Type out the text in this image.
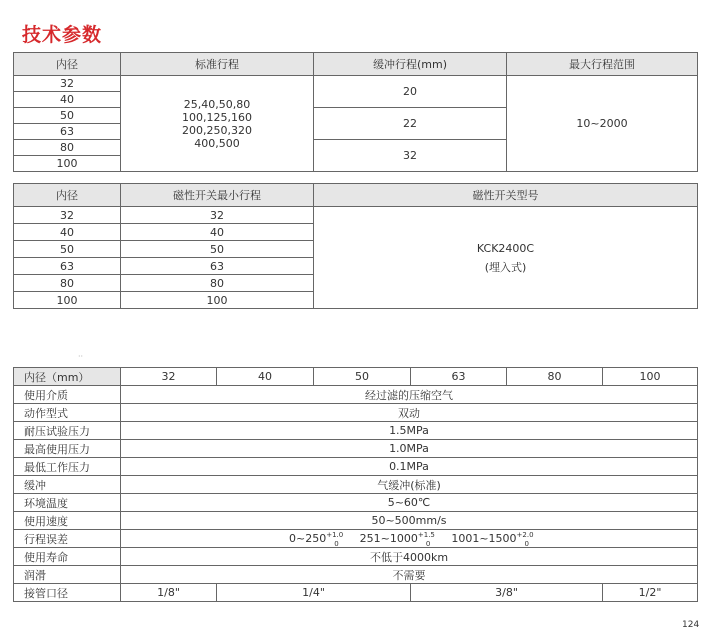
技术参数
内径	标准行程	缓冲行程(mm)	最大行程范围
32	25,40,50,80
100,125,160
200,250,320
400,500	20	10~2000
40			
50		22	
63			
80		32	
100			
内径	磁性开关最小行程	磁性开关型号
32	32	KCK2400C
(埋入式)

40	40	
50	50	
63	63	
80	80	
100	100	
··
内径（mm）	32	40	50	63	80	100
使用介质	经过滤的压缩空气					
动作型式	双动					
耐压试验压力	1.5MPa					
最高使用压力	1.0MPa					
最低工作压力	0.1MPa					
缓冲	气缓冲(标准)					
环境温度	5~60℃					
使用速度	50~500mm/s					
行程误差	$0\sim 250^{+1.0}_0$ $251\sim 1000^{+1.5}_0$ $1001\sim 1500^{+2.0}_0$
使用寿命	不低于4000km					
润滑	不需要					
接管口径	1/8"	1/4"		3/8"		1/2"
124
